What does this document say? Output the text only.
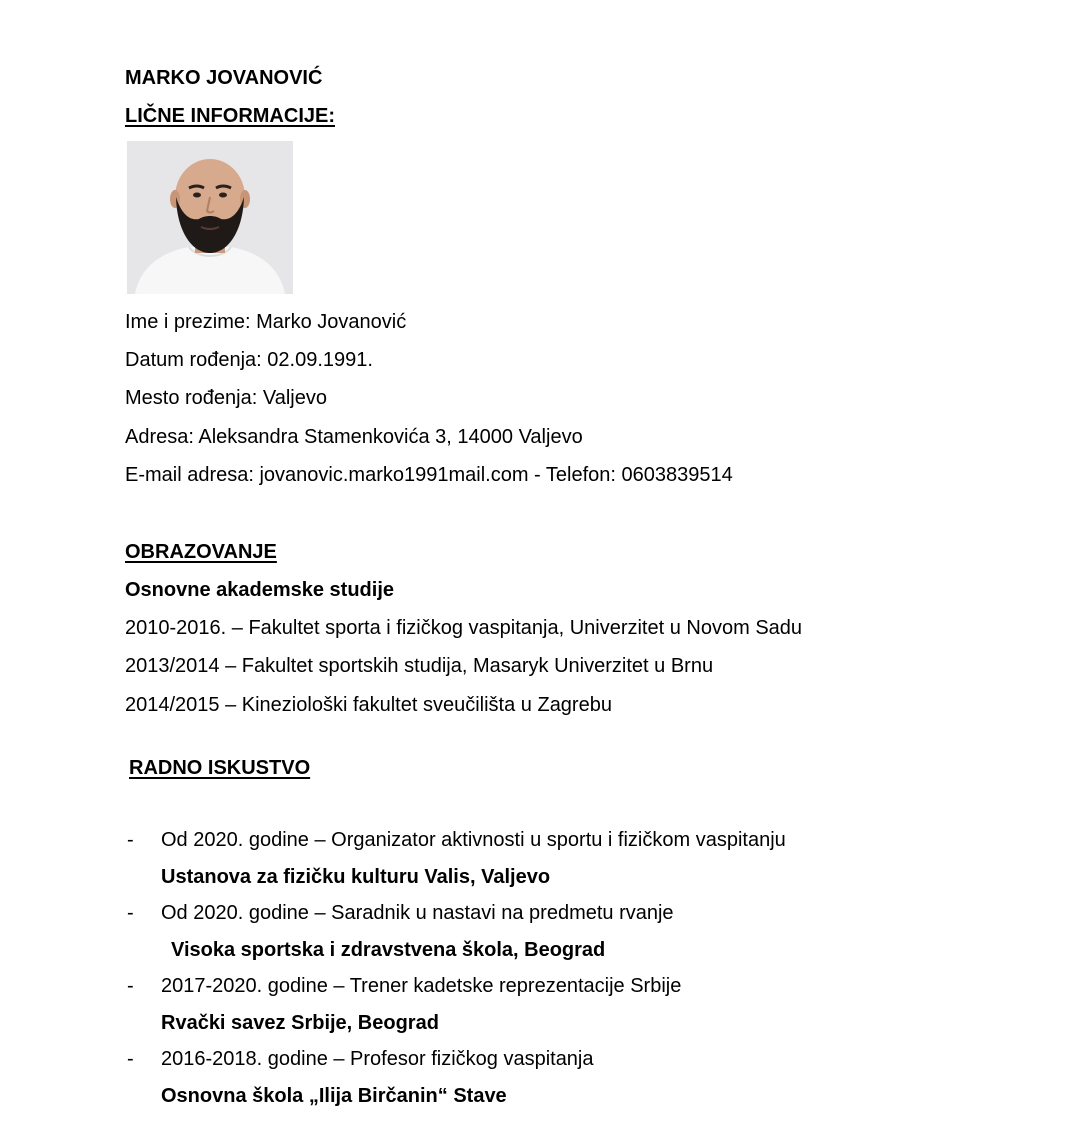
MARKO JOVANOVIĆ
LIČNE INFORMACIJE:
Ime i prezime: Marko Jovanović
Datum rođenja: 02.09.1991.
Mesto rođenja: Valjevo
Adresa: Aleksandra Stamenkovića 3, 14000 Valjevo
E-mail adresa: jovanovic.marko1991mail.com - Telefon: 0603839514
OBRAZOVANJE
Osnovne akademske studije
2010-2016. – Fakultet sporta i fizičkog vaspitanja, Univerzitet u Novom Sadu
2013/2014 – Fakultet sportskih studija, Masaryk Univerzitet u Brnu
2014/2015 – Kineziološki fakultet sveučilišta u Zagrebu
RADNO ISKUSTVO
- Od 2020. godine – Organizator aktivnosti u sportu i fizičkom vaspitanju
Ustanova za fizičku kulturu Valis, Valjevo
- Od 2020. godine – Saradnik u nastavi na predmetu rvanje
Visoka sportska i zdravstvena škola, Beograd
- 2017-2020. godine – Trener kadetske reprezentacije Srbije
Rvački savez Srbije, Beograd
- 2016-2018. godine – Profesor fizičkog vaspitanja
Osnovna škola „Ilija Birčanin“ Stave
